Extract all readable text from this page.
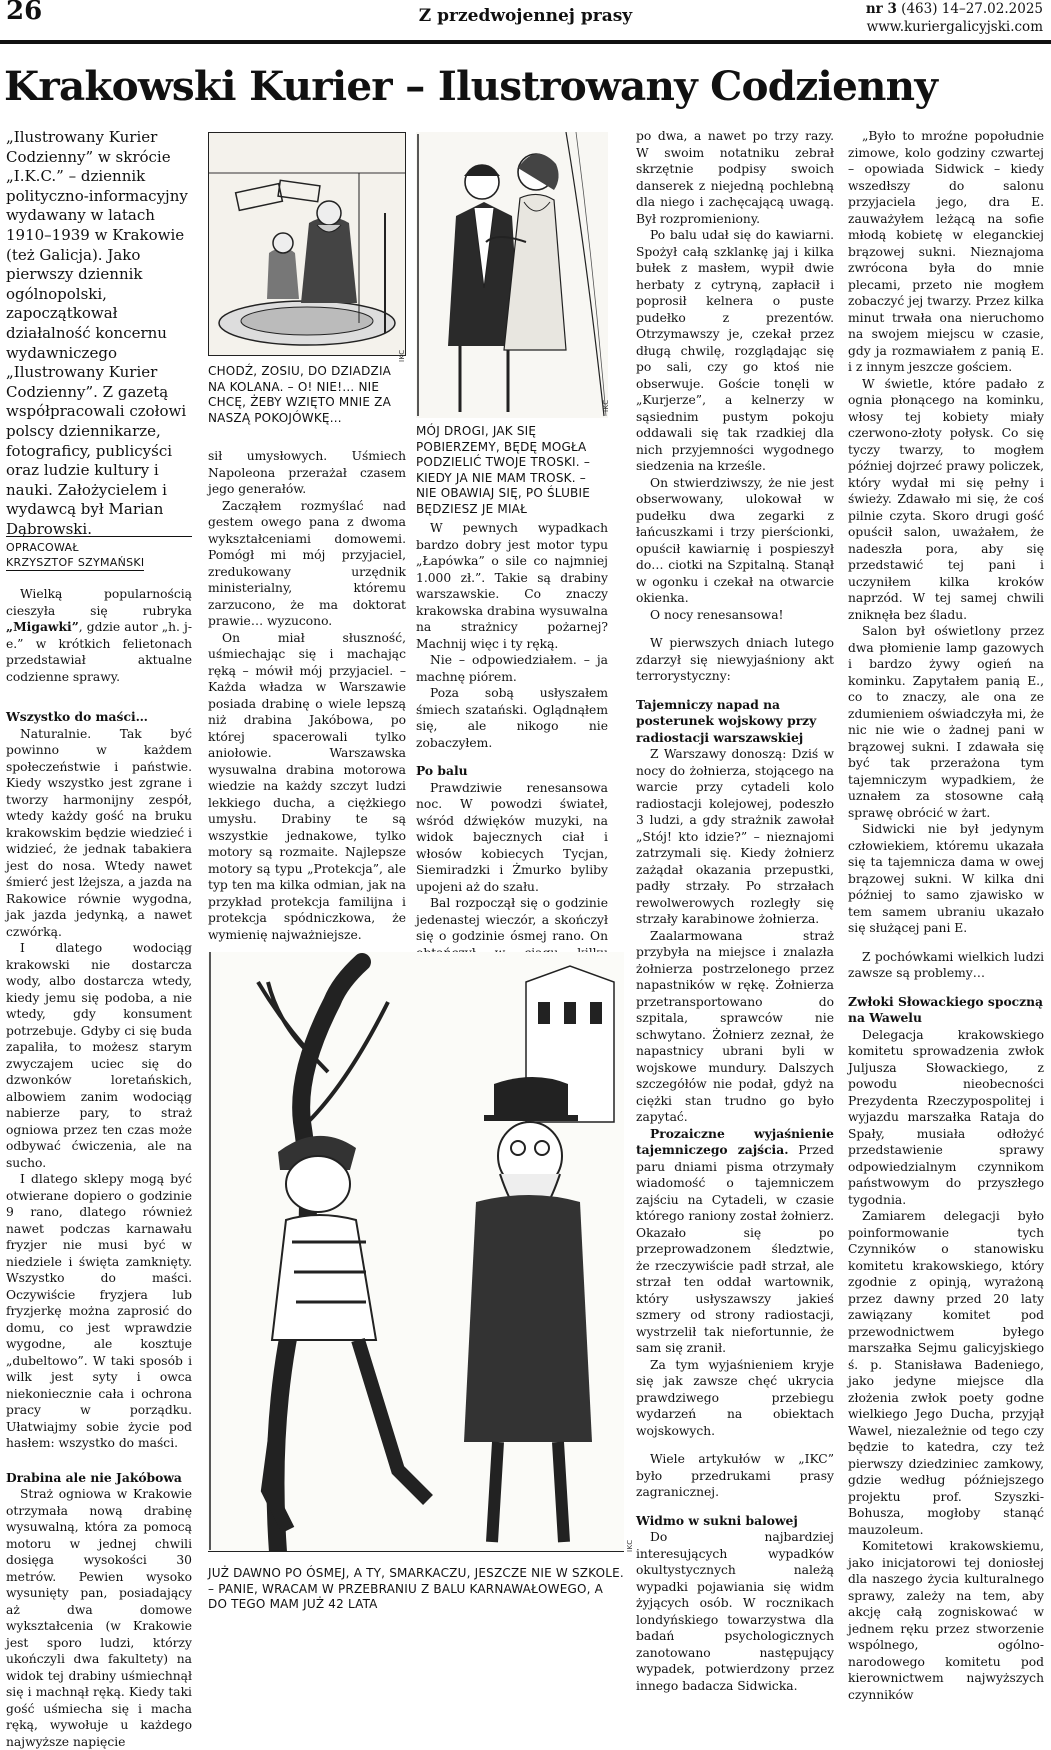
26	Z przedwojennej prasy	nr 3 (463) 14–27.02.2025
www.kuriergalicyjski.com
Krakowski Kurier – Ilustrowany Codzienny
„Ilustrowany Kurier Codzienny” w skrócie „I.K.C.” – dziennik polityczno-informacyjny wydawany w latach 1910–1939 w Krakowie (też Galicja). Jako pierwszy dziennik ogólnopolski, zapoczątkował działalność koncernu wydawniczego „Ilustrowany Kurier Codzienny”. Z gazetą współpracowali czołowi polscy dziennikarze, fotograficy, publicyści oraz ludzie kultury i nauki. Założycielem i wydawcą był Marian Dąbrowski.
OPRACOWAŁ
KRZYSZTOF SZYMAŃSKI

Wielką popularnością cieszyła się rubryka „Migawki”, gdzie autor „h. j-e.” w krótkich felietonach przedstawiał aktualne codzienne sprawy.

Wszystko do maści…

Naturalnie. Tak być powinno w każdem społeczeństwie i państwie. Kiedy wszystko jest zgrane i tworzy harmonijny zespół, wtedy każdy gość na bruku krakowskim będzie wiedzieć i widzieć, że jednak tabakiera jest do nosa. Wtedy nawet śmierć jest lżejsza, a jazda na Rakowice równie wygodna, jak jazda jedynką, a nawet czwórką.

I dlatego wodociąg krakowski nie dostarcza wody, albo dostarcza wtedy, kiedy jemu się podoba, a nie wtedy, gdy konsument potrzebuje. Gdyby ci się buda zapaliła, to możesz starym zwyczajem uciec się do dzwonków loretańskich, albowiem zanim wodociąg nabierze pary, to straż ogniowa przez ten czas może odbywać ćwiczenia, ale na sucho.

I dlatego sklepy mogą być otwierane dopiero o godzinie 9 rano, dlatego również nawet podczas karnawału fryzjer nie musi być w niedziele i święta zamknięty. Wszystko do maści. Oczywiście fryzjera lub fryzjerkę można zaprosić do domu, co jest wprawdzie wygodne, ale kosztuje „dubeltowo”. W taki sposób i wilk jest syty i owca niekoniecznie cała i ochrona pracy w porządku. Ułatwiajmy sobie życie pod hasłem: wszystko do maści.

Drabina ale nie Jakóbowa

Straż ogniowa w Krakowie otrzymała nową drabinę wysuwalną, która za pomocą motoru w jednej chwili dosięga wysokości 30 metrów. Pewien wysoko wysunięty pan, posiadający aż dwa domowe wykształcenia (w Krakowie jest sporo ludzi, którzy ukończyli dwa fakultety) na widok tej drabiny uśmiechnął się i machnął ręką. Kiedy taki gość uśmiecha się i macha ręką, wywołuje u każdego najwyższe napięcie

IKC
CHODŹ, ZOSIU, DO DZIADZIA NA KOLANA. – O! NIE!… NIE CHCĘ, ŻEBY WZIĘTO MNIE ZA NASZĄ POKOJÓWKĘ…

sił umysłowych. Uśmiech Napoleona przerażał czasem jego generałów.

Zacząłem rozmyślać nad gestem owego pana z dwoma wykształceniami domowemi. Pomógł mi mój przyjaciel, zredukowany urzędnik ministerialny, któremu zarzucono, że ma doktorat prawie… wyzucono.

On miał słuszność, uśmiechając się i machając ręką – mówił mój przyjaciel. – Każda władza w Warszawie posiada drabinę o wiele lepszą niż drabina Jakóbowa, po której spacerowali tylko aniołowie. Warszawska wysuwalna drabina motorowa wiedzie na każdy szczyt ludzi lekkiego ducha, a ciężkiego umysłu. Drabiny te są wszystkie jednakowe, tylko motory są rozmaite. Najlepsze motory są typu „Protekcja”, ale typ ten ma kilka odmian, jak na przykład protekcja familijna i protekcja spódniczkowa, że wymienię najważniejsze.

IKC
MÓJ DROGI, JAK SIĘ POBIERZEMY, BĘDĘ MOGŁA PODZIELIĆ TWOJE TROSKI. – KIEDY JA NIE MAM TROSK. – NIE OBAWIAJ SIĘ, PO ŚLUBIE BĘDZIESZ JE MIAŁ

W pewnych wypadkach bardzo dobry jest motor typu „Łapówka” o sile co najmniej 1.000 zł.”. Takie są drabiny warszawskie. Co znaczy krakowska drabina wysuwalna na strażnicy pożarnej? Machnij więc i ty ręką.

Nie – odpowiedziałem. – ja machnę piórem.

Poza sobą usłyszałem śmiech szatański. Oglądnąłem się, ale nikogo nie zobaczyłem.

Po balu

Prawdziwie renesansowa noc. W powodzi świateł, wśród dźwięków muzyki, na widok bajecznych ciał i włosów kobiecych Tycjan, Siemiradzki i Żmurko byliby upojeni aż do szału.

Bal rozpoczął się o godzinie jedenastej wieczór, a skończył się o godzinie ósmej rano. On

IKC
JUŻ DAWNO PO ÓSMEJ, A TY, SMARKACZU, JESZCZE NIE W SZKOLE. – PANIE, WRACAM W PRZEBRANIU Z BALU KARNAWAŁOWEGO, A DO TEGO MAM JUŻ 42 LATA

po dwa, a nawet po trzy razy. W swoim notatniku zebrał skrzętnie podpisy swoich danserek z niejedną pochlebną dla niego i zachęcającą uwagą. Był rozpromieniony.

Po balu udał się do kawiarni. Spożył całą szklankę jaj i kilka bułek z masłem, wypił dwie herbaty z cytryną, zapłacił i poprosił kelnera o puste pudełko z prezentów. Otrzymawszy je, czekał przez długą chwilę, rozglądając się po sali, czy go ktoś nie obserwuje. Goście tonęli w „Kurjerze”, a kelnerzy w sąsiednim pustym pokoju oddawali się tak rzadkiej dla nich przyjemności wygodnego siedzenia na krześle.

On stwierdziwszy, że nie jest obserwowany, ulokował w pudełku dwa zegarki z łańcuszkami i trzy pierścionki, opuścił kawiarnię i pospieszył do… ciotki na Szpitalną. Stanął w ogonku i czekał na otwarcie okienka.

O nocy renesansowa!

W pierwszych dniach lutego zdarzył się niewyjaśniony akt terrorystyczny:

Tajemniczy napad na posterunek wojskowy przy radiostacji warszawskiej

Z Warszawy donoszą: Dziś w nocy do żołnierza, stojącego na warcie przy cytadeli kolo radiostacji kolejowej, podeszło 3 ludzi, a gdy strażnik zawołał „Stój! kto idzie?” – nieznajomi zatrzymali się. Kiedy żołnierz zażądał okazania przepustki, padły strzały. Po strzałach rewolwerowych rozległy się strzały karabinowe żołnierza.

Zaalarmowana straż przybyła na miejsce i znalazła żołnierza postrzelonego przez napastników w rękę. Żołnierza przetransportowano do szpitala, sprawców nie schwytano. Żołnierz zeznał, że napastnicy ubrani byli w wojskowe mundury. Dalszych szczegółów nie podał, gdyż na ciężki stan trudno go było zapytać.

Prozaiczne wyjaśnienie tajemniczego zajścia. Przed paru dniami pisma otrzymały wiadomość o tajemniczem zajściu na Cytadeli, w czasie którego raniony został żołnierz. Okazało się po przeprowadzonem śledztwie, że rzeczywiście padł strzał, ale strzał ten oddał wartownik, który usłyszawszy jakieś szmery od strony radiostacji, wystrzelił tak niefortunnie, że sam się zranił.

Za tym wyjaśnieniem kryje się jak zawsze chęć ukrycia prawdziwego przebiegu wydarzeń na obiektach wojskowych.

Wiele artykułów w „IKC” było przedrukami prasy zagranicznej.

Widmo w sukni balowej

Do najbardziej interesujących wypadków okultystycznych należą wypadki pojawiania się widm żyjących osób. W rocznikach londyńskiego towarzystwa dla badań psychologicznych zanotowano następujący wypadek, potwierdzony przez innego badacza Sidwicka.

„Było to mroźne popołudnie zimowe, kolo godziny czwartej – opowiada Sidwick – kiedy wszedłszy do salonu przyjaciela jego, dra E. zauważyłem leżącą na sofie młodą kobietę w eleganckiej brązowej sukni. Nieznajoma zwrócona była do mnie plecami, przeto nie mogłem zobaczyć jej twarzy. Przez kilka minut trwała ona nieruchomo na swojem miejscu w czasie, gdy ja rozmawiałem z panią E. i z innym jeszcze gościem.

W świetle, które padało z ognia płonącego na kominku, włosy tej kobiety miały czerwono-złoty połysk. Co się tyczy twarzy, to mogłem później dojrzeć prawy policzek, który wydał mi się pełny i świeży. Zdawało mi się, że coś pilnie czyta. Skoro drugi gość opuścił salon, uważałem, że nadeszła pora, aby się przedstawić tej pani i uczyniłem kilka kroków naprzód. W tej samej chwili zniknęła bez śladu.

Salon był oświetlony przez dwa płomienie lamp gazowych i bardzo żywy ogień na kominku. Zapytałem panią E., co to znaczy, ale ona ze zdumieniem oświadczyła mi, że nic nie wie o żadnej pani w brązowej sukni. I zdawała się być tak przerażona tym tajemniczym wypadkiem, że uznałem za stosowne całą sprawę obrócić w żart.

Sidwicki nie był jedynym człowiekiem, któremu ukazała się ta tajemnicza dama w owej brązowej sukni. W kilka dni później to samo zjawisko w tem samem ubraniu ukazało się służącej pani E.

Z pochówkami wielkich ludzi zawsze są problemy…

Zwłoki Słowackiego spoczną na Wawelu

Delegacja krakowskiego komitetu sprowadzenia zwłok Juljusza Słowackiego, z powodu nieobecności Prezydenta Rzeczypospolitej i wyjazdu marszałka Rataja do Spały, musiała odłożyć przedstawienie sprawy odpowiedzialnym czynnikom państwowym do przyszłego tygodnia.

Zamiarem delegacji było poinformowanie tych Czynników o stanowisku komitetu krakowskiego, który zgodnie z opinją, wyrażoną przez dawny przed 20 laty zawiązany komitet pod przewodnictwem byłego marszałka Sejmu galicyjskiego ś. p. Stanisława Badeniego, jako jedyne miejsce dla złożenia zwłok poety godne wielkiego Jego Ducha, przyjął Wawel, niezależnie od tego czy będzie to katedra, czy też pierwszy dziedziniec zamkowy, gdzie według późniejszego projektu prof. Szyszki-Bohusza, mogłoby stanąć mauzoleum.

Komitetowi krakowskiemu, jako inicjatorowi tej doniosłej dla naszego życia kulturalnego sprawy, zależy na tem, aby akcję całą zogniskować w jednem ręku przez stworzenie wspólnego, ogólno-narodowego komitetu pod kierownictwem najwyższych czynników
